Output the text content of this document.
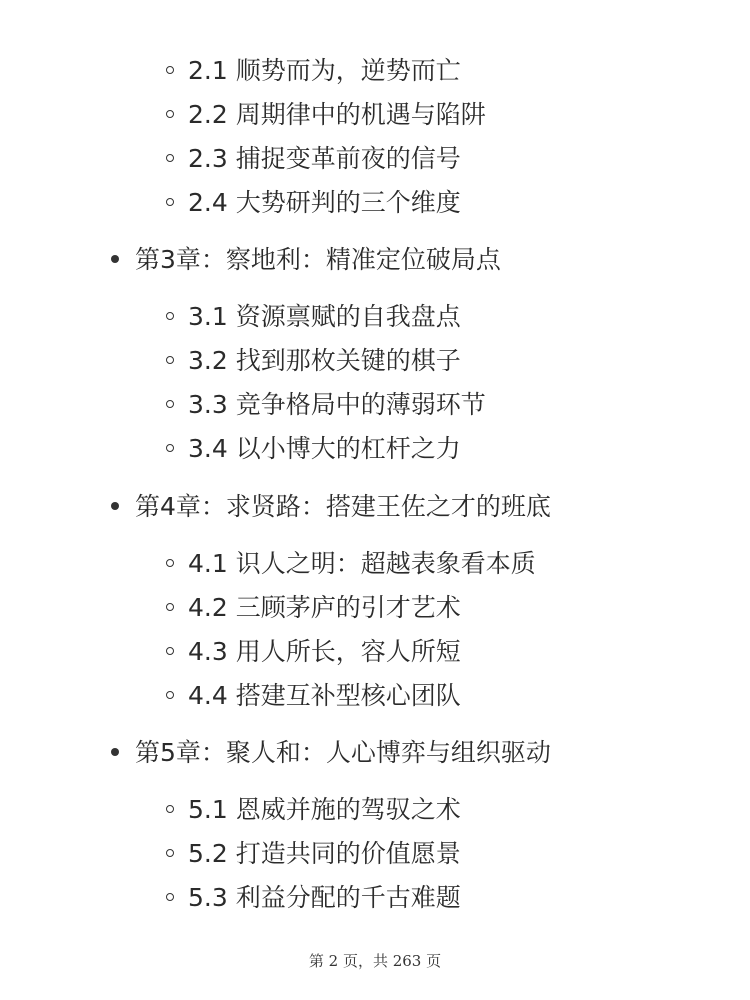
2.1 顺势而为，逆势而亡
2.2 周期律中的机遇与陷阱
2.3 捕捉变革前夜的信号
2.4 大势研判的三个维度
第3章：察地利：精准定位破局点
3.1 资源禀赋的自我盘点
3.2 找到那枚关键的棋子
3.3 竞争格局中的薄弱环节
3.4 以小博大的杠杆之力
第4章：求贤路：搭建王佐之才的班底
4.1 识人之明：超越表象看本质
4.2 三顾茅庐的引才艺术
4.3 用人所长，容人所短
4.4 搭建互补型核心团队
第5章：聚人和：人心博弈与组织驱动
5.1 恩威并施的驾驭之术
5.2 打造共同的价值愿景
5.3 利益分配的千古难题
第 2 页，共 263 页
